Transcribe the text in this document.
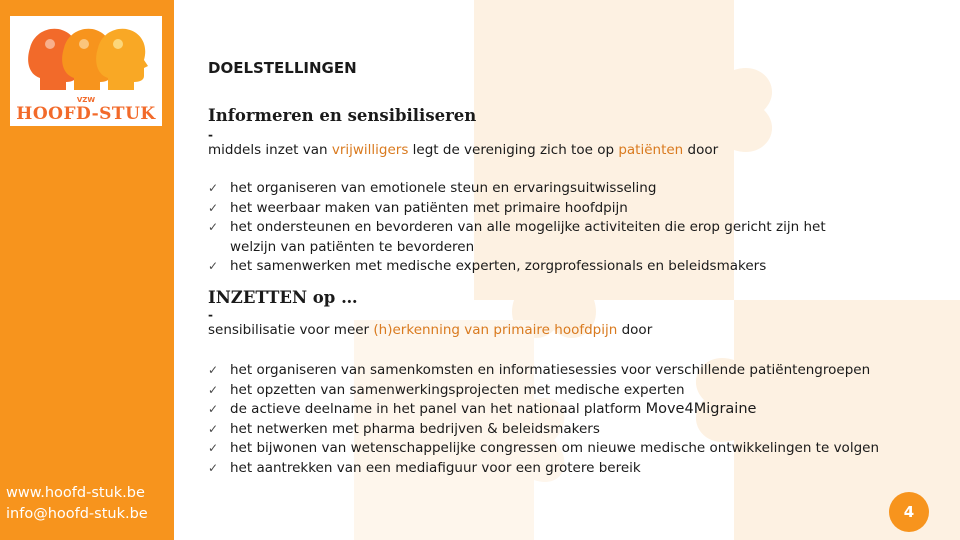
VZW
HOOFD-STUK
www.hoofd-stuk.be
info@hoofd-stuk.be
DOELSTELLINGEN
Informeren en sensibiliseren
-
middels inzet van vrijwilligers legt de vereniging zich toe op patiënten door
✓ het organiseren van emotionele steun en ervaringsuitwisseling
✓ het weerbaar maken van patiënten met primaire hoofdpijn
✓ het ondersteunen en bevorderen van alle mogelijke activiteiten die erop gericht zijn het welzijn van patiënten te bevorderen
✓ het samenwerken met medische experten, zorgprofessionals en beleidsmakers
INZETTEN op …
-
sensibilisatie voor meer (h)erkenning van primaire hoofdpijn door
✓ het organiseren van samenkomsten en informatiesessies voor verschillende patiëntengroepen
✓ het opzetten van samenwerkingsprojecten met medische experten
✓ de actieve deelname in het panel van het nationaal platform Move4Migraine
✓ het netwerken met pharma bedrijven & beleidsmakers
✓ het bijwonen van wetenschappelijke congressen om nieuwe medische ontwikkelingen te volgen
✓ het aantrekken van een mediafiguur voor een grotere bereik
4
